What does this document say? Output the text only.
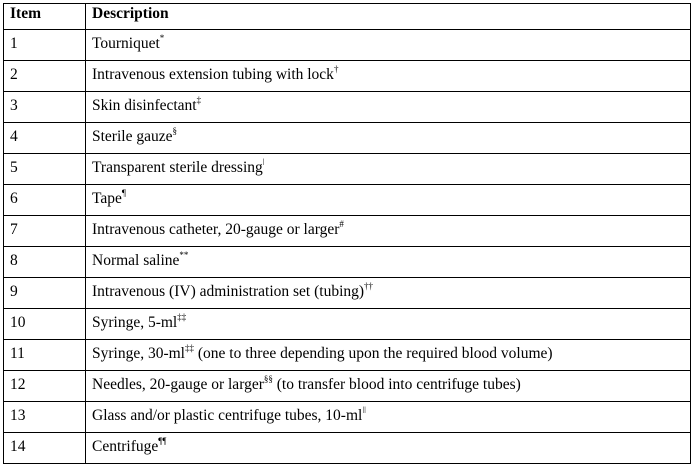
Item	Description
1	Tourniquet*
2	Intravenous extension tubing with lock†
3	Skin disinfectant‡
4	Sterile gauze§
5	Transparent sterile dressing$^ǀ$
6	Tape¶
7	Intravenous catheter, 20-gauge or larger#
8	Normal saline**
9	Intravenous (IV) administration set (tubing)††
10	Syringe, 5-ml‡‡
11	Syringe, 30-ml‡‡ (one to three depending upon the required blood volume)
12	Needles, 20-gauge or larger§§ (to transfer blood into centrifuge tubes)
13	Glass and/or plastic centrifuge tubes, $10-ml^{ǀǀ}$
14	Centrifuge¶¶
